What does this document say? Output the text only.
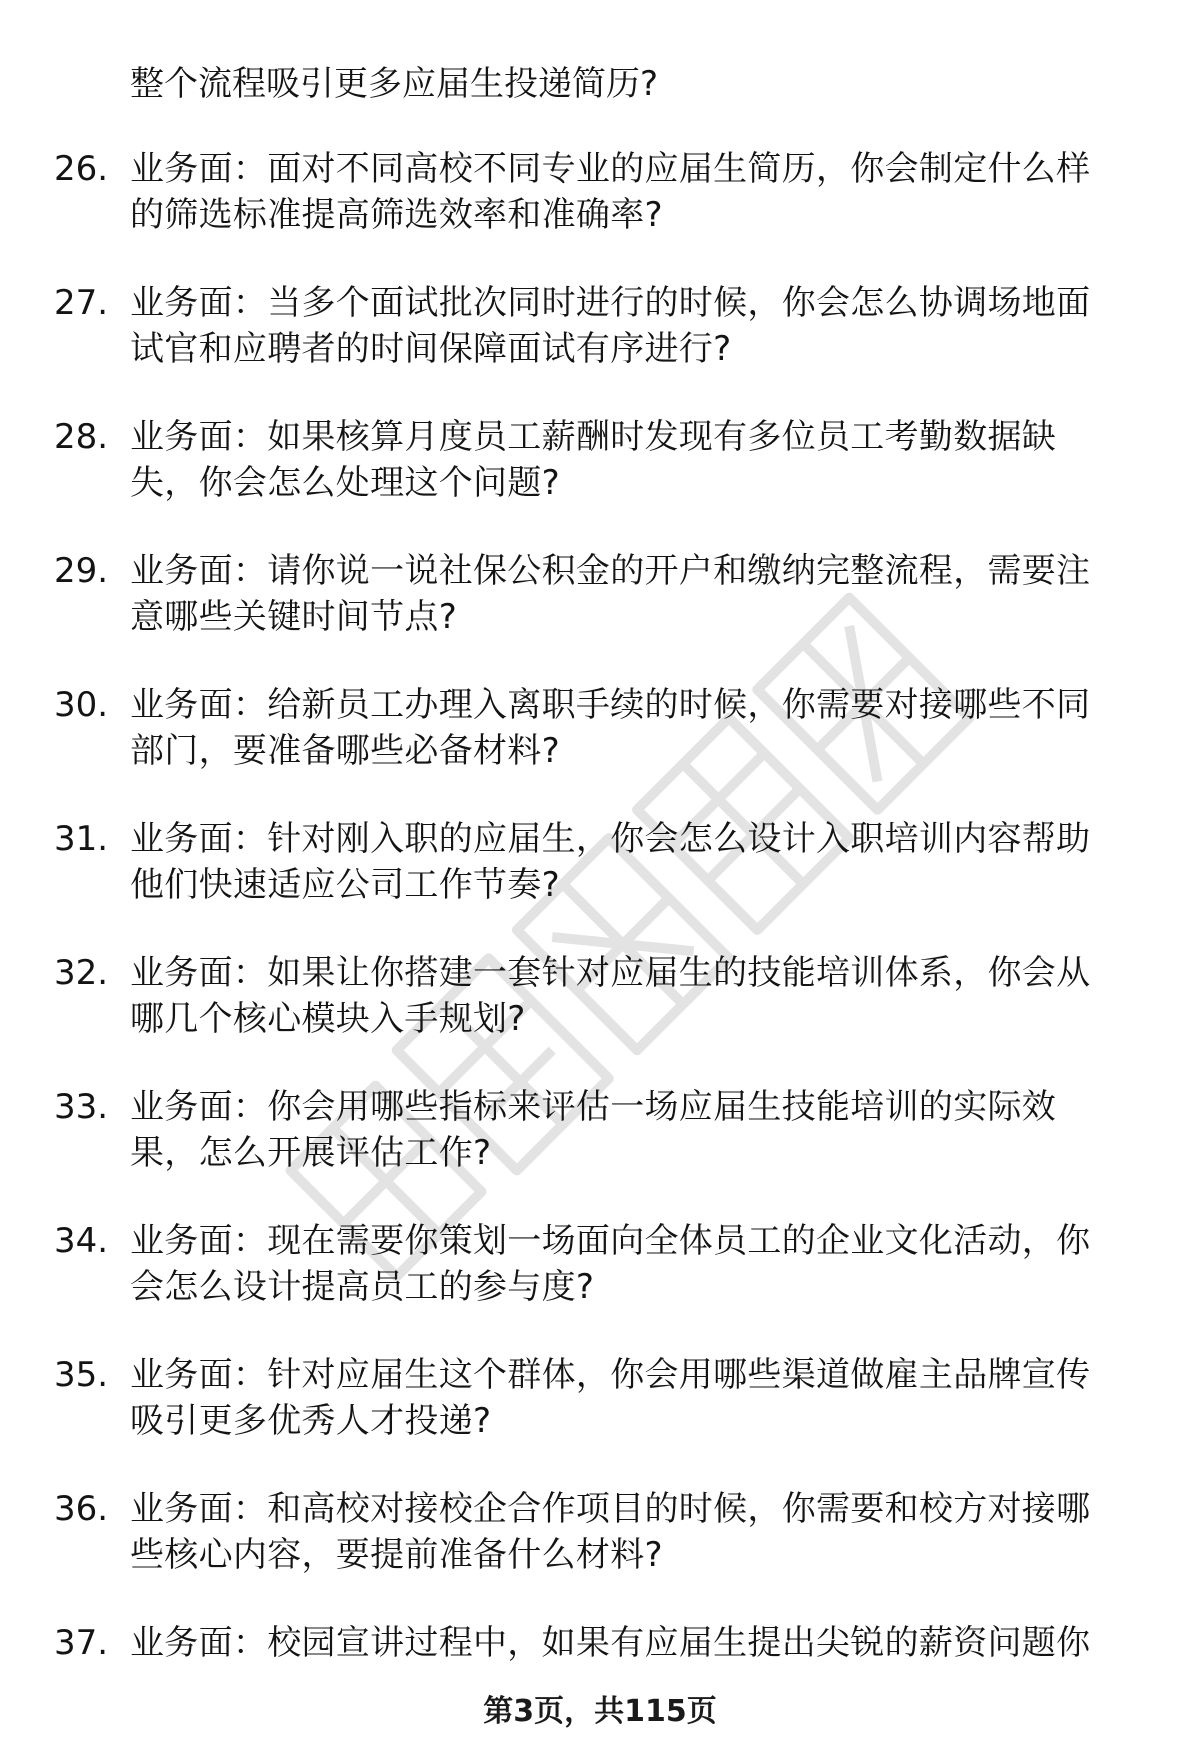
整个流程吸引更多应届生投递简历?
26. 业务面：面对不同高校不同专业的应届生简历，你会制定什么样
的筛选标准提高筛选效率和准确率?
27. 业务面：当多个面试批次同时进行的时候，你会怎么协调场地面
试官和应聘者的时间保障面试有序进行?
28. 业务面：如果核算月度员工薪酬时发现有多位员工考勤数据缺
失，你会怎么处理这个问题?
29. 业务面：请你说一说社保公积金的开户和缴纳完整流程，需要注
意哪些关键时间节点?
30. 业务面：给新员工办理入离职手续的时候，你需要对接哪些不同
部门，要准备哪些必备材料?
31. 业务面：针对刚入职的应届生，你会怎么设计入职培训内容帮助
他们快速适应公司工作节奏?
32. 业务面：如果让你搭建一套针对应届生的技能培训体系，你会从
哪几个核心模块入手规划?
33. 业务面：你会用哪些指标来评估一场应届生技能培训的实际效
果，怎么开展评估工作?
34. 业务面：现在需要你策划一场面向全体员工的企业文化活动，你
会怎么设计提高员工的参与度?
35. 业务面：针对应届生这个群体，你会用哪些渠道做雇主品牌宣传
吸引更多优秀人才投递?
36. 业务面：和高校对接校企合作项目的时候，你需要和校方对接哪
些核心内容，要提前准备什么材料?
37. 业务面：校园宣讲过程中，如果有应届生提出尖锐的薪资问题你
第3页，共115页
